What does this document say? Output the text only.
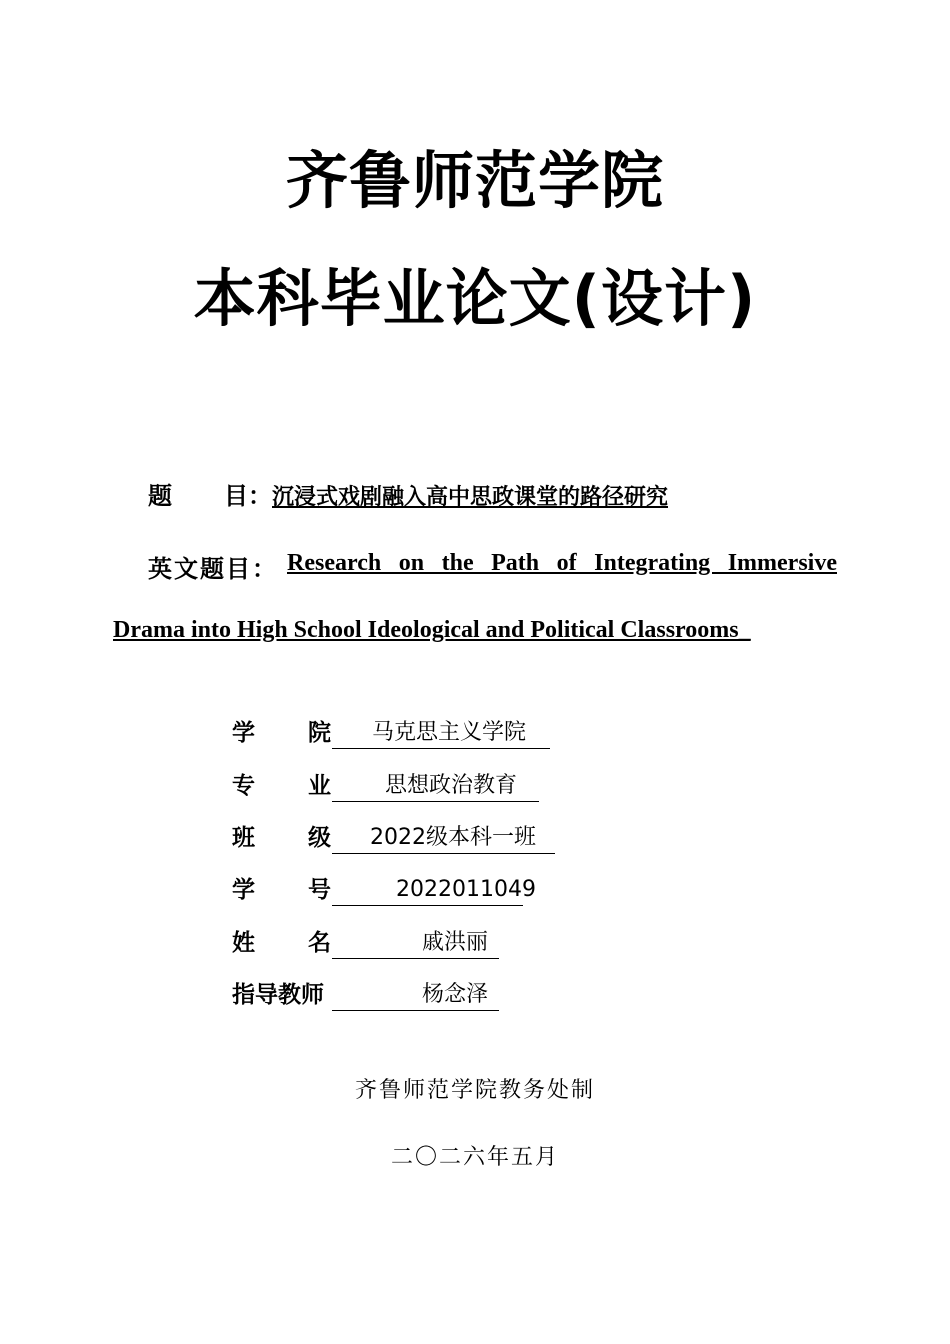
齐鲁师范学院
本科毕业论文(设计)
题 目：沉浸式戏剧融入高中思政课堂的路径研究
英文题目： Research on the Path of Integrating Immersive
Drama into High School Ideological and Political Classrooms_
学 院 马克思主义学院
专 业 思想政治教育
班 级 2022级本科一班
学 号	2022011049
姓 名	戚洪丽
指导教师	杨念泽
齐鲁师范学院教务处制
二〇二六年五月
